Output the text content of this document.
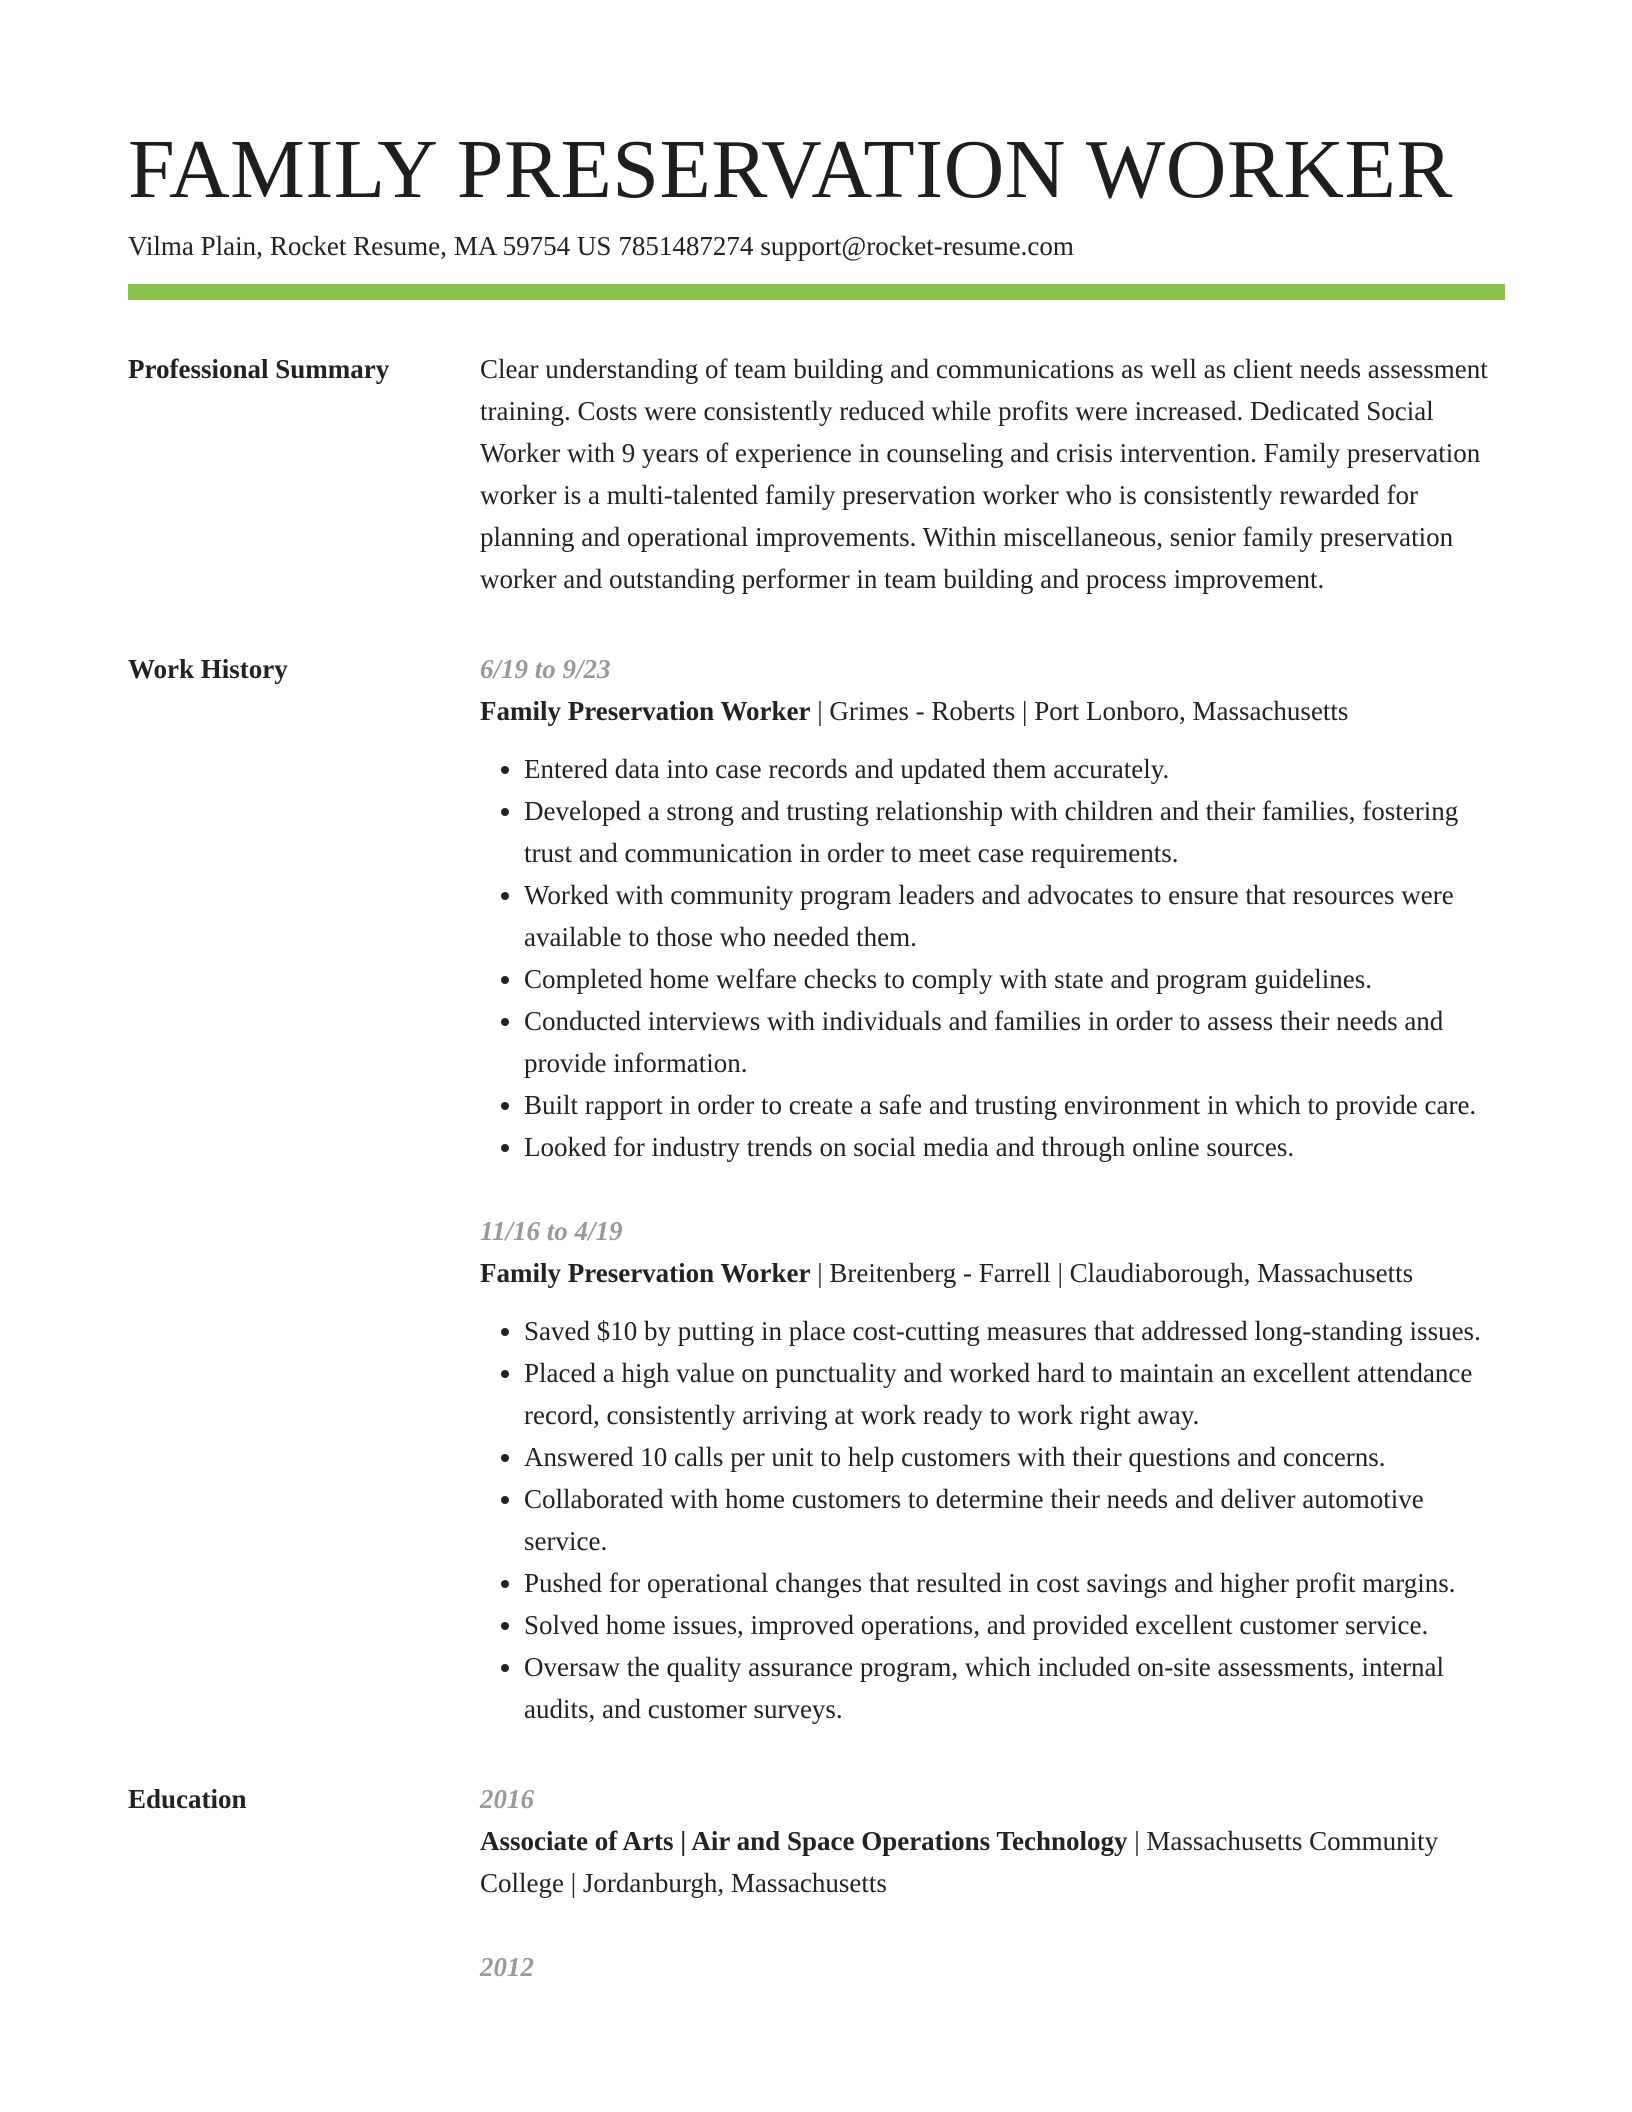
FAMILY PRESERVATION WORKER
Vilma Plain, Rocket Resume, MA 59754 US 7851487274 support@rocket-resume.com
Professional Summary	Clear understanding of team building and communications as well as client needs assessment training. Costs were consistently reduced while profits were increased. Dedicated Social Worker with 9 years of experience in counseling and crisis intervention. Family preservation worker is a multi-talented family preservation worker who is consistently rewarded for planning and operational improvements. Within miscellaneous, senior family preservation worker and outstanding performer in team building and process improvement.

Work History	6/19 to 9/23

Family Preservation Worker | Grimes - Roberts | Port Lonboro, Massachusetts

• Entered data into case records and updated them accurately.
• Developed a strong and trusting relationship with children and their families, fostering trust and communication in order to meet case requirements.
• Worked with community program leaders and advocates to ensure that resources were available to those who needed them.
• Completed home welfare checks to comply with state and program guidelines.
• Conducted interviews with individuals and families in order to assess their needs and provide information.
• Built rapport in order to create a safe and trusting environment in which to provide care.
• Looked for industry trends on social media and through online sources.
11/16 to 4/19

Family Preservation Worker | Breitenberg - Farrell | Claudiaborough, Massachusetts

• Saved $10 by putting in place cost-cutting measures that addressed long-standing issues.
• Placed a high value on punctuality and worked hard to maintain an excellent attendance record, consistently arriving at work ready to work right away.
• Answered 10 calls per unit to help customers with their questions and concerns.
• Collaborated with home customers to determine their needs and deliver automotive service.
• Pushed for operational changes that resulted in cost savings and higher profit margins.
• Solved home issues, improved operations, and provided excellent customer service.
• Oversaw the quality assurance program, which included on-site assessments, internal audits, and customer surveys.
Education	2016
Associate of Arts | Air and Space Operations Technology | Massachusetts Community College | Jordanburgh, Massachusetts
2012
